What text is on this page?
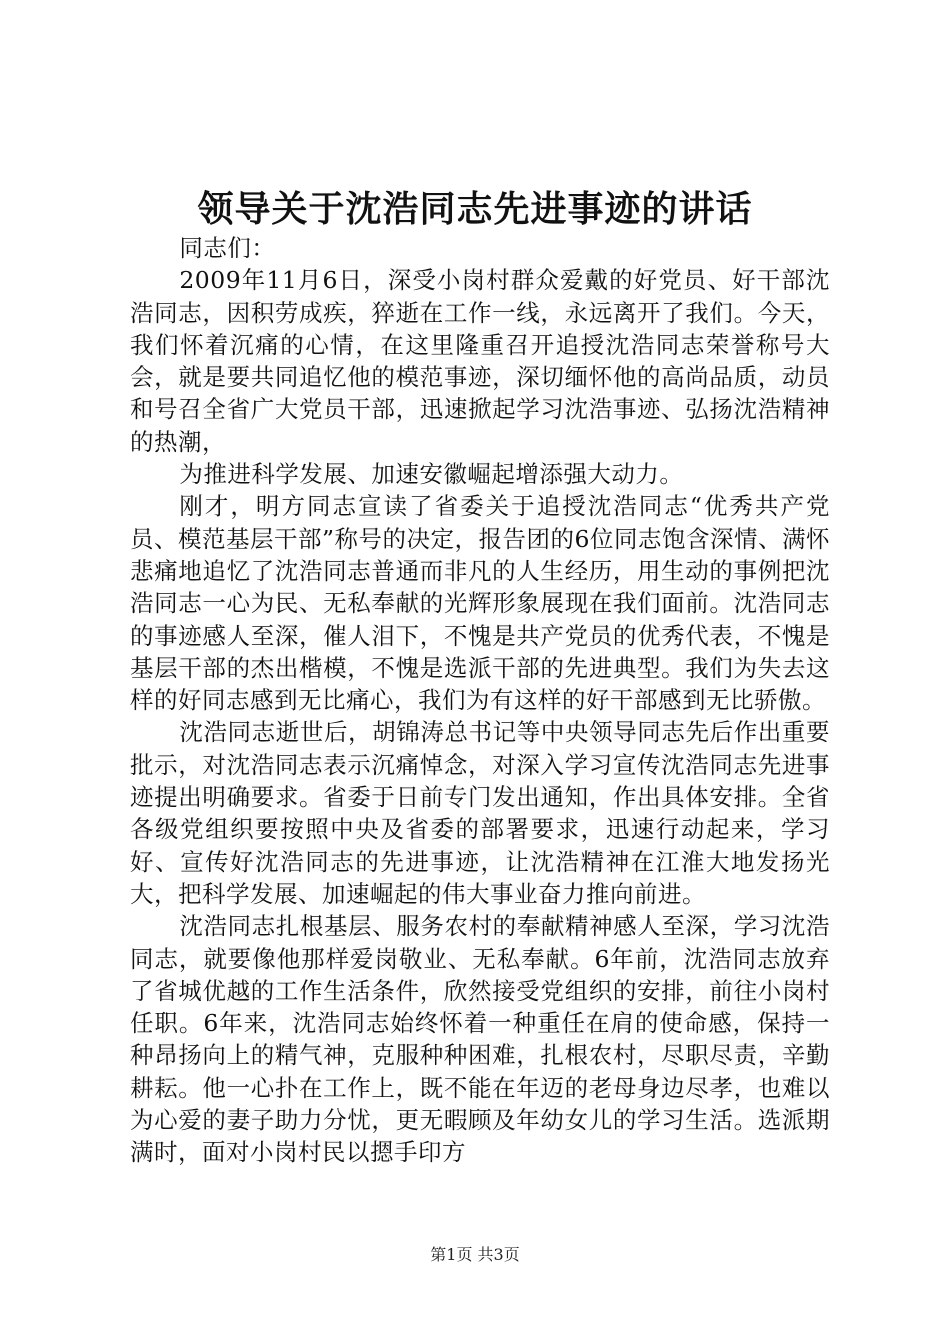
领导关于沈浩同志先进事迹的讲话

同志们：

2009年11月6日，深受小岗村群众爱戴的好党员、好干部沈浩同志，因积劳成疾，猝逝在工作一线，永远离开了我们。今天，我们怀着沉痛的心情，在这里隆重召开追授沈浩同志荣誉称号大会，就是要共同追忆他的模范事迹，深切缅怀他的高尚品质，动员和号召全省广大党员干部，迅速掀起学习沈浩事迹、弘扬沈浩精神的热潮，

为推进科学发展、加速安徽崛起增添强大动力。

刚才，明方同志宣读了省委关于追授沈浩同志“优秀共产党员、模范基层干部”称号的决定，报告团的6位同志饱含深情、满怀悲痛地追忆了沈浩同志普通而非凡的人生经历，用生动的事例把沈浩同志一心为民、无私奉献的光辉形象展现在我们面前。沈浩同志的事迹感人至深，催人泪下，不愧是共产党员的优秀代表，不愧是基层干部的杰出楷模，不愧是选派干部的先进典型。我们为失去这样的好同志感到无比痛心，我们为有这样的好干部感到无比骄傲。

沈浩同志逝世后，胡锦涛总书记等中央领导同志先后作出重要批示，对沈浩同志表示沉痛悼念，对深入学习宣传沈浩同志先进事迹提出明确要求。省委于日前专门发出通知，作出具体安排。全省各级党组织要按照中央及省委的部署要求，迅速行动起来，学习好、宣传好沈浩同志的先进事迹，让沈浩精神在江淮大地发扬光大，把科学发展、加速崛起的伟大事业奋力推向前进。

沈浩同志扎根基层、服务农村的奉献精神感人至深，学习沈浩同志，就要像他那样爱岗敬业、无私奉献。6年前，沈浩同志放弃了省城优越的工作生活条件，欣然接受党组织的安排，前往小岗村任职。6年来，沈浩同志始终怀着一种重任在肩的使命感，保持一种昂扬向上的精气神，克服种种困难，扎根农村，尽职尽责，辛勤耕耘。他一心扑在工作上，既不能在年迈的老母身边尽孝，也难以为心爱的妻子助力分忧，更无暇顾及年幼女儿的学习生活。选派期满时，面对小岗村民以摁手印方

第1页 共3页
